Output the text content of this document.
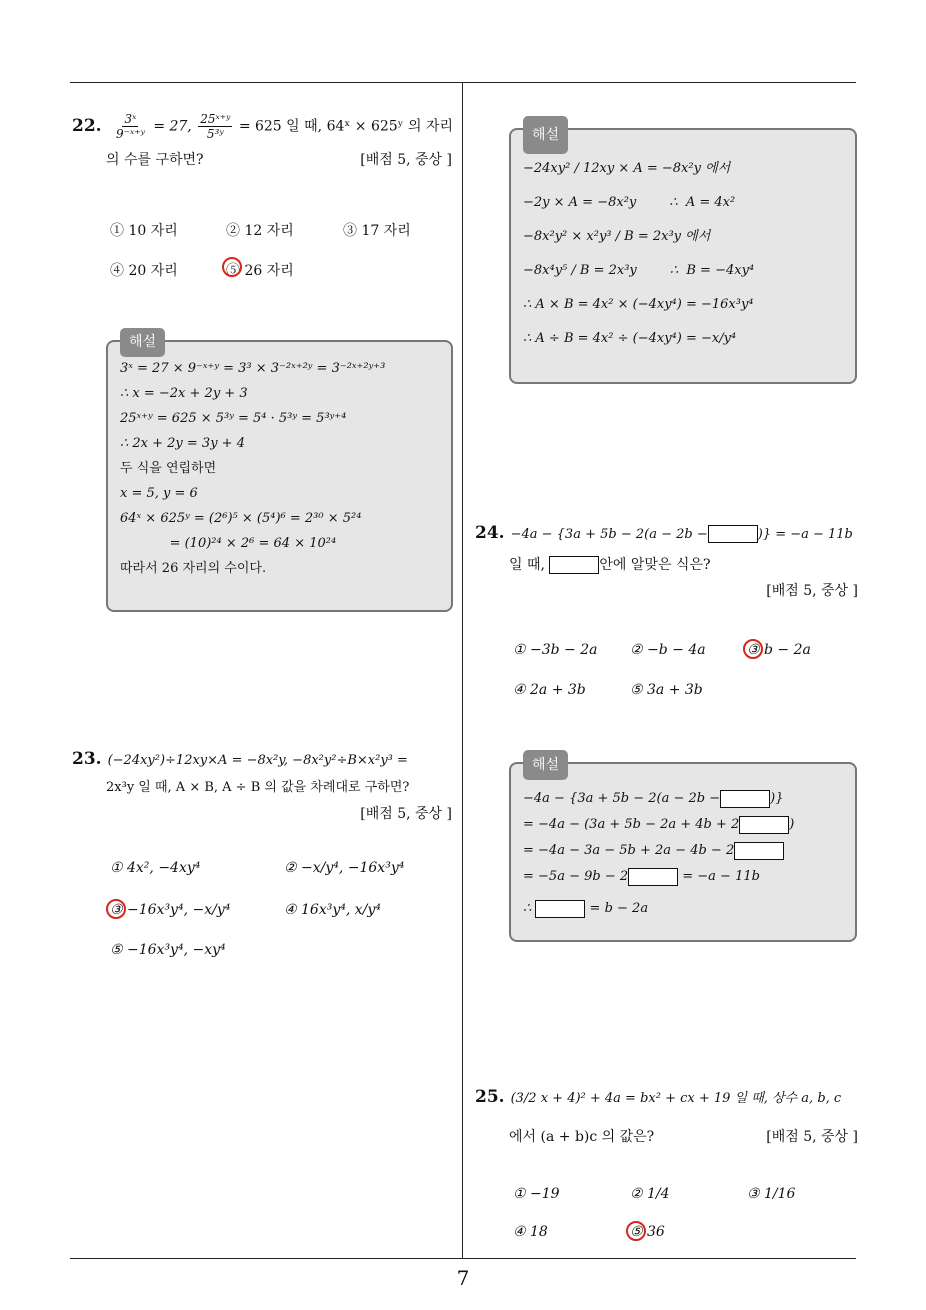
22. $\frac{\text{3ˣ}}{\text{9⁻ˣ⁺ʸ}} = 27$, $\frac{\text{25ˣ⁺ʸ}}{\text{5³ʸ}} = 625$ 일 때, 64ˣ × 625ʸ 의 자리
의 수를 구하면?	[배점 5, 중상 ]
① 10 자리	② 12 자리	③ 17 자리
④ 20 자리	⑤ 26 자리
해설
3ˣ = 27 × 9⁻ˣ⁺ʸ = 3³ × 3⁻²ˣ⁺²ʸ = 3⁻²ˣ⁺²ʸ⁺³
∴ x = −2x + 2y + 3
25ˣ⁺ʸ = 625 × 5³ʸ = 5⁴ · 5³ʸ = 5³ʸ⁺⁴
∴ 2x + 2y = 3y + 4
두 식을 연립하면
x = 5, y = 6
64ˣ × 625ʸ = (2⁶)⁵ × (5⁴)⁶ = 2³⁰ × 5²⁴
= (10)²⁴ × 2⁶ = 64 × 10²⁴
따라서 26 자리의 수이다.
23. (−24xy²)÷12xy×A = −8x²y, −8x²y²÷B×x²y³ =
2x³y 일 때, A × B, A ÷ B 의 값을 차례대로 구하면?
[배점 5, 중상 ]
① 4x², −4xy⁴	② −x/y⁴, −16x³y⁴
③ −16x³y⁴, −x/y⁴	④ 16x³y⁴, x/y⁴
⑤ −16x³y⁴, −xy⁴
해설
−24xy² / 12xy × A = −8x²y 에서
−2y × A = −8x²y        ∴  A = 4x²
−8x²y² × x²y³ / B = 2x³y 에서
−8x⁴y⁵ / B = 2x³y        ∴  B = −4xy⁴
∴ A × B = 4x² × (−4xy⁴) = −16x³y⁴
∴ A ÷ B = 4x² ÷ (−4xy⁴) = −x/y⁴
24. −4a − {3a + 5b − 2(a − 2b −	)} = −a − 11b
일 때,	안에 알맞은 식은?
[배점 5, 중상 ]
① −3b − 2a ② −b − 4a	③ b − 2a
④ 2a + 3b	⑤ 3a + 3b
해설
−4a − {3a + 5b − 2(a − 2b −	)}
= −4a − (3a + 5b − 2a + 4b + 2	)
= −4a − 3a − 5b + 2a − 4b − 2
= −5a − 9b − 2	= −a − 11b
∴	= b − 2a
25. (3/2 x + 4)² + 4a = bx² + cx + 19 일 때, 상수 a, b, c
에서 (a + b)c 의 값은?	[배점 5, 중상 ]
① −19	② 1/4	③ 1/16
④ 18	⑤ 36
7
